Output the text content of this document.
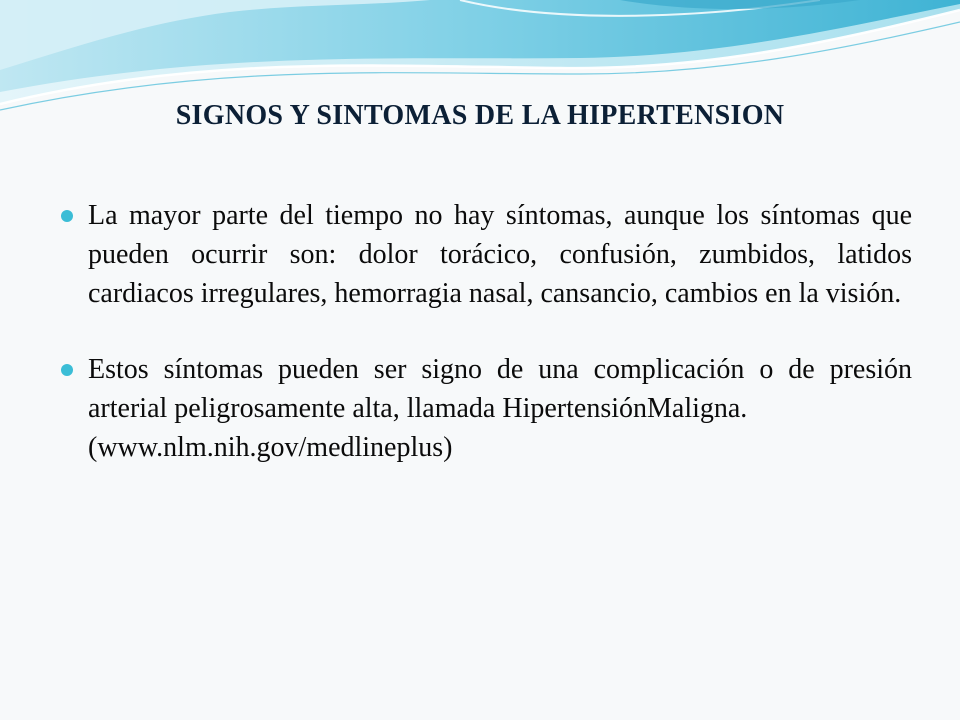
SIGNOS Y SINTOMAS DE LA HIPERTENSION
La mayor parte del tiempo no hay síntomas, aunque los síntomas que pueden ocurrir son: dolor torácico, confusión, zumbidos, latidos cardiacos irregulares, hemorragia nasal, cansancio, cambios en la visión.
Estos síntomas pueden ser signo de una complicación o de presión arterial peligrosamente alta, llamada HipertensiónMaligna.
(www.nlm.nih.gov/medlineplus)
